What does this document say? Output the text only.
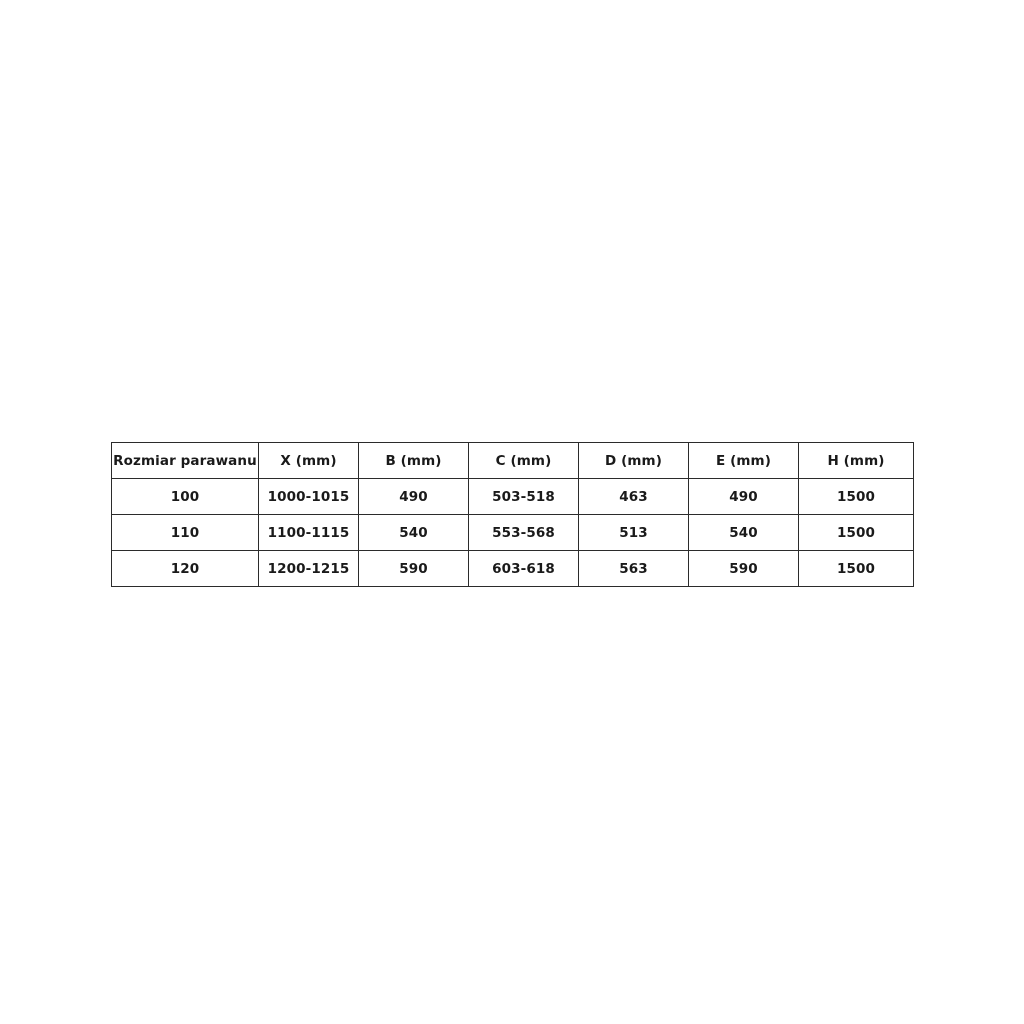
Rozmiar parawanu	X (mm)	B (mm)	C (mm)	D (mm)	E (mm)	H (mm)
100	1000-1015	490	503-518	463	490	1500
110	1100-1115	540	553-568	513	540	1500
120	1200-1215	590	603-618	563	590	1500
